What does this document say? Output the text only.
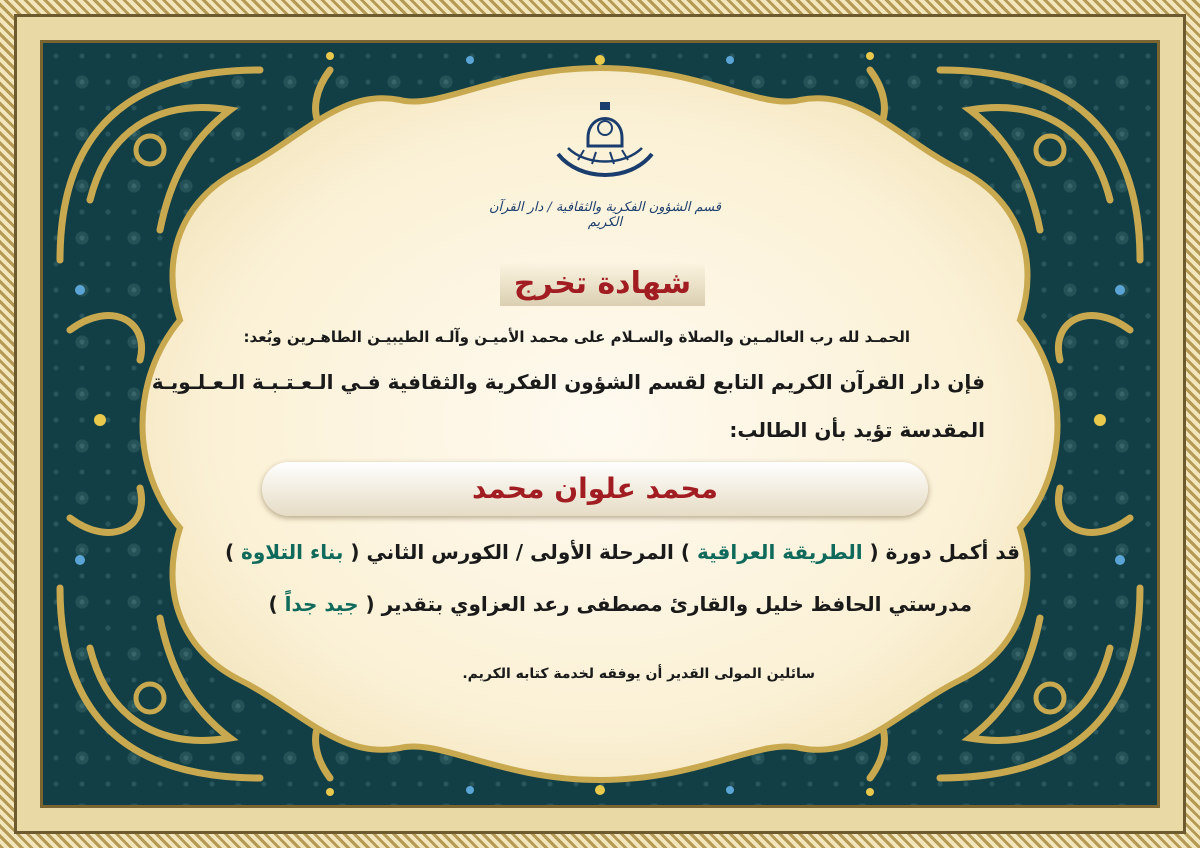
قسم الشؤون الفكرية والثقافية / دار القرآن الكريم
شهادة تخرج
الحمـد لله رب العالمـين والصلاة والسـلام على محمد الأميـن وآلـه الطيبيـن الطاهـرين وبُعد:
فإن دار القرآن الكريم التابع لقسم الشؤون الفكرية والثقافية فـي الـعـتـبـة الـعـلـويـة
المقدسة تؤيد بأن الطالب:
محمد علوان محمد
قد أكمل دورة ( الطريقة العراقية ) المرحلة الأولى / الكورس الثاني ( بناء التلاوة )
مدرستي الحافظ خليل والقارئ مصطفى رعد العزاوي بتقدير ( جيد جداً )
سائلين المولى القدير أن يوفقه لخدمة كتابه الكريم.
